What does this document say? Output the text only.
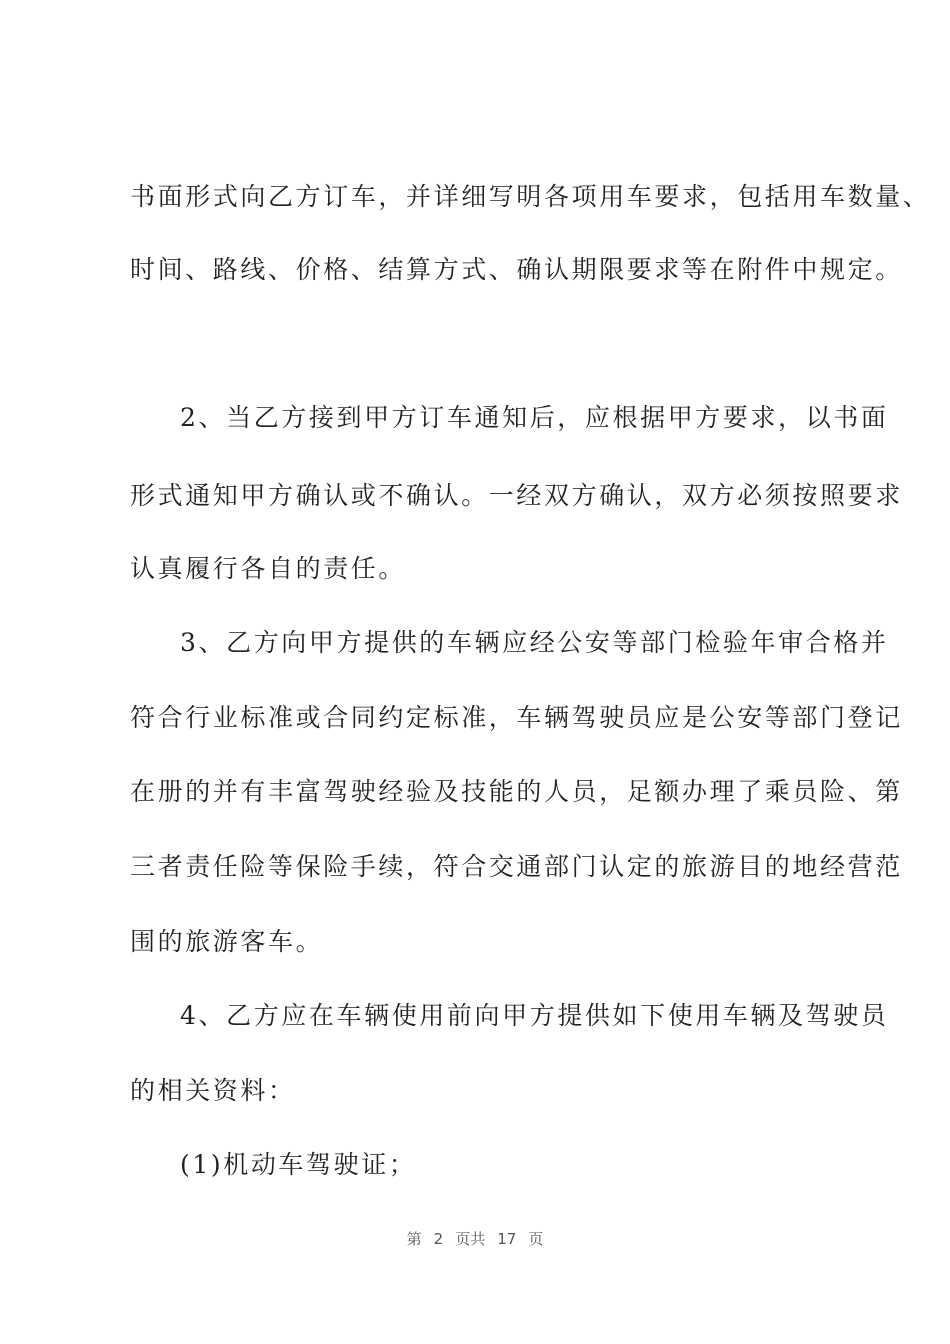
书面形式向乙方订车，并详细写明各项用车要求，包括用车数量、
时间、路线、价格、结算方式、确认期限要求等在附件中规定。
2、当乙方接到甲方订车通知后，应根据甲方要求，以书面
形式通知甲方确认或不确认。一经双方确认，双方必须按照要求
认真履行各自的责任。
3、乙方向甲方提供的车辆应经公安等部门检验年审合格并
符合行业标准或合同约定标准，车辆驾驶员应是公安等部门登记
在册的并有丰富驾驶经验及技能的人员，足额办理了乘员险、第
三者责任险等保险手续，符合交通部门认定的旅游目的地经营范
围的旅游客车。
4、乙方应在车辆使用前向甲方提供如下使用车辆及驾驶员
的相关资料：
(1)机动车驾驶证；
第 2 页共 17 页
